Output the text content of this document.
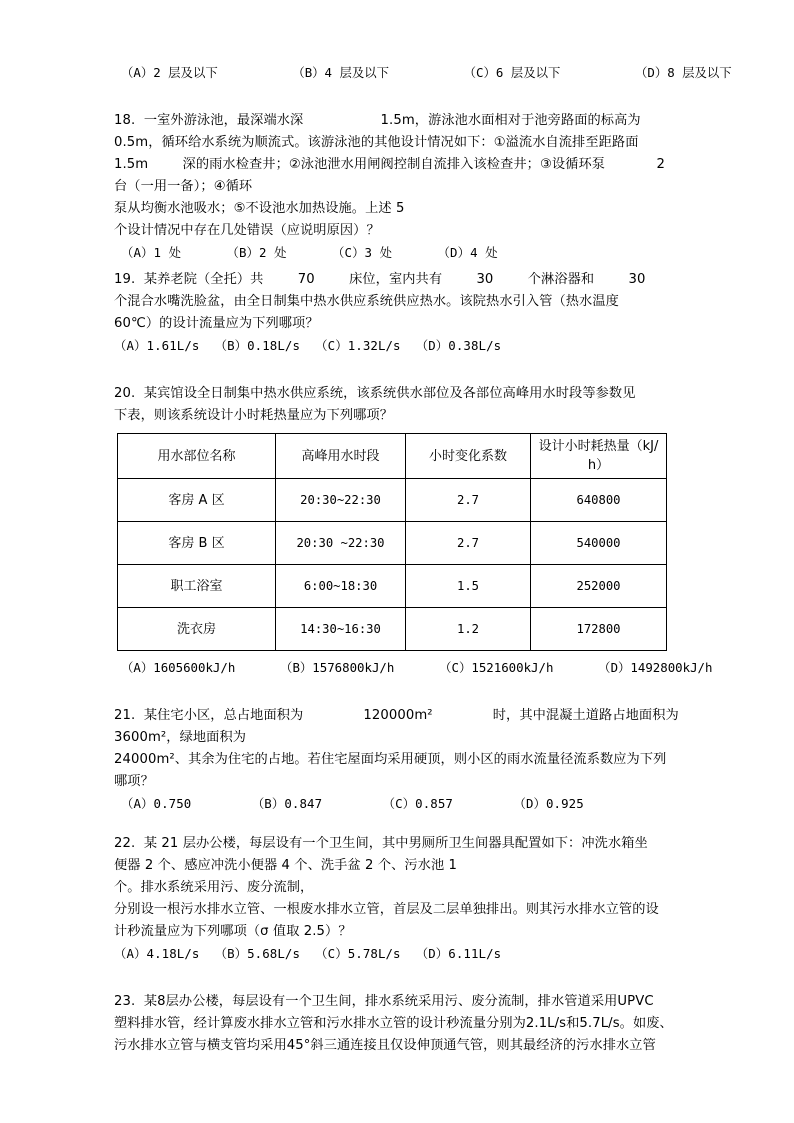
（A）2 层及以下          （B）4 层及以下          （C）6 层及以下          （D）8 层及以下
18.  一室外游泳池，最深端水深                  1.5m，游泳池水面相对于池旁路面的标高为
0.5m，循环给水系统为顺流式。该游泳池的其他设计情况如下：①溢流水自流排至距路面
1.5m        深的雨水检查井；②泳池泄水用闸阀控制自流排入该检查井；③设循环泵            2
台（一用一备）；④循环
泵从均衡水池吸水；⑤不设池水加热设施。上述 5
个设计情况中存在几处错误（应说明原因）？
（A）1 处      （B）2 处      （C）3 处      （D）4 处
19.  某养老院（全托）共        70        床位，室内共有        30        个淋浴器和        30
个混合水嘴洗脸盆，由全日制集中热水供应系统供应热水。该院热水引入管（热水温度
60℃）的设计流量应为下列哪项？
（A）1.61L/s  （B）0.18L/s  （C）1.32L/s  （D）0.38L/s
20.  某宾馆设全日制集中热水供应系统，该系统供水部位及各部位高峰用水时段等参数见
下表，则该系统设计小时耗热量应为下列哪项？
用水部位名称	高峰用水时段	小时变化系数	设计小时耗热量（kJ/h）
客房 A 区	20:30~22:30	2.7	640800
客房 B 区	20:30 ~22:30	2.7	540000
职工浴室	6:00~18:30	1.5	252000
洗衣房	14:30~16:30	1.2	172800
（A）1605600kJ/h      （B）1576800kJ/h      （C）1521600kJ/h      （D）1492800kJ/h
21.  某住宅小区，总占地面积为              120000m²              时，其中混凝土道路占地面积为
3600m²，绿地面积为
24000m²、其余为住宅的占地。若住宅屋面均采用硬顶，则小区的雨水流量径流系数应为下列
哪项？
（A）0.750        （B）0.847        （C）0.857        （D）0.925
22.  某 21 层办公楼，每层设有一个卫生间，其中男厕所卫生间器具配置如下：冲洗水箱坐
便器 2 个、感应冲洗小便器 4 个、洗手盆 2 个、污水池 1
个。排水系统采用污、废分流制，
分别设一根污水排水立管、一根废水排水立管，首层及二层单独排出。则其污水排水立管的设
计秒流量应为下列哪项（σ 值取 2.5）？
（A）4.18L/s  （B）5.68L/s  （C）5.78L/s  （D）6.11L/s
23.  某8层办公楼，每层设有一个卫生间，排水系统采用污、废分流制，排水管道采用UPVC
塑料排水管，经计算废水排水立管和污水排水立管的设计秒流量分别为2.1L/s和5.7L/s。如废、
污水排水立管与横支管均采用45°斜三通连接且仅设伸顶通气管，则其最经济的污水排水立管
